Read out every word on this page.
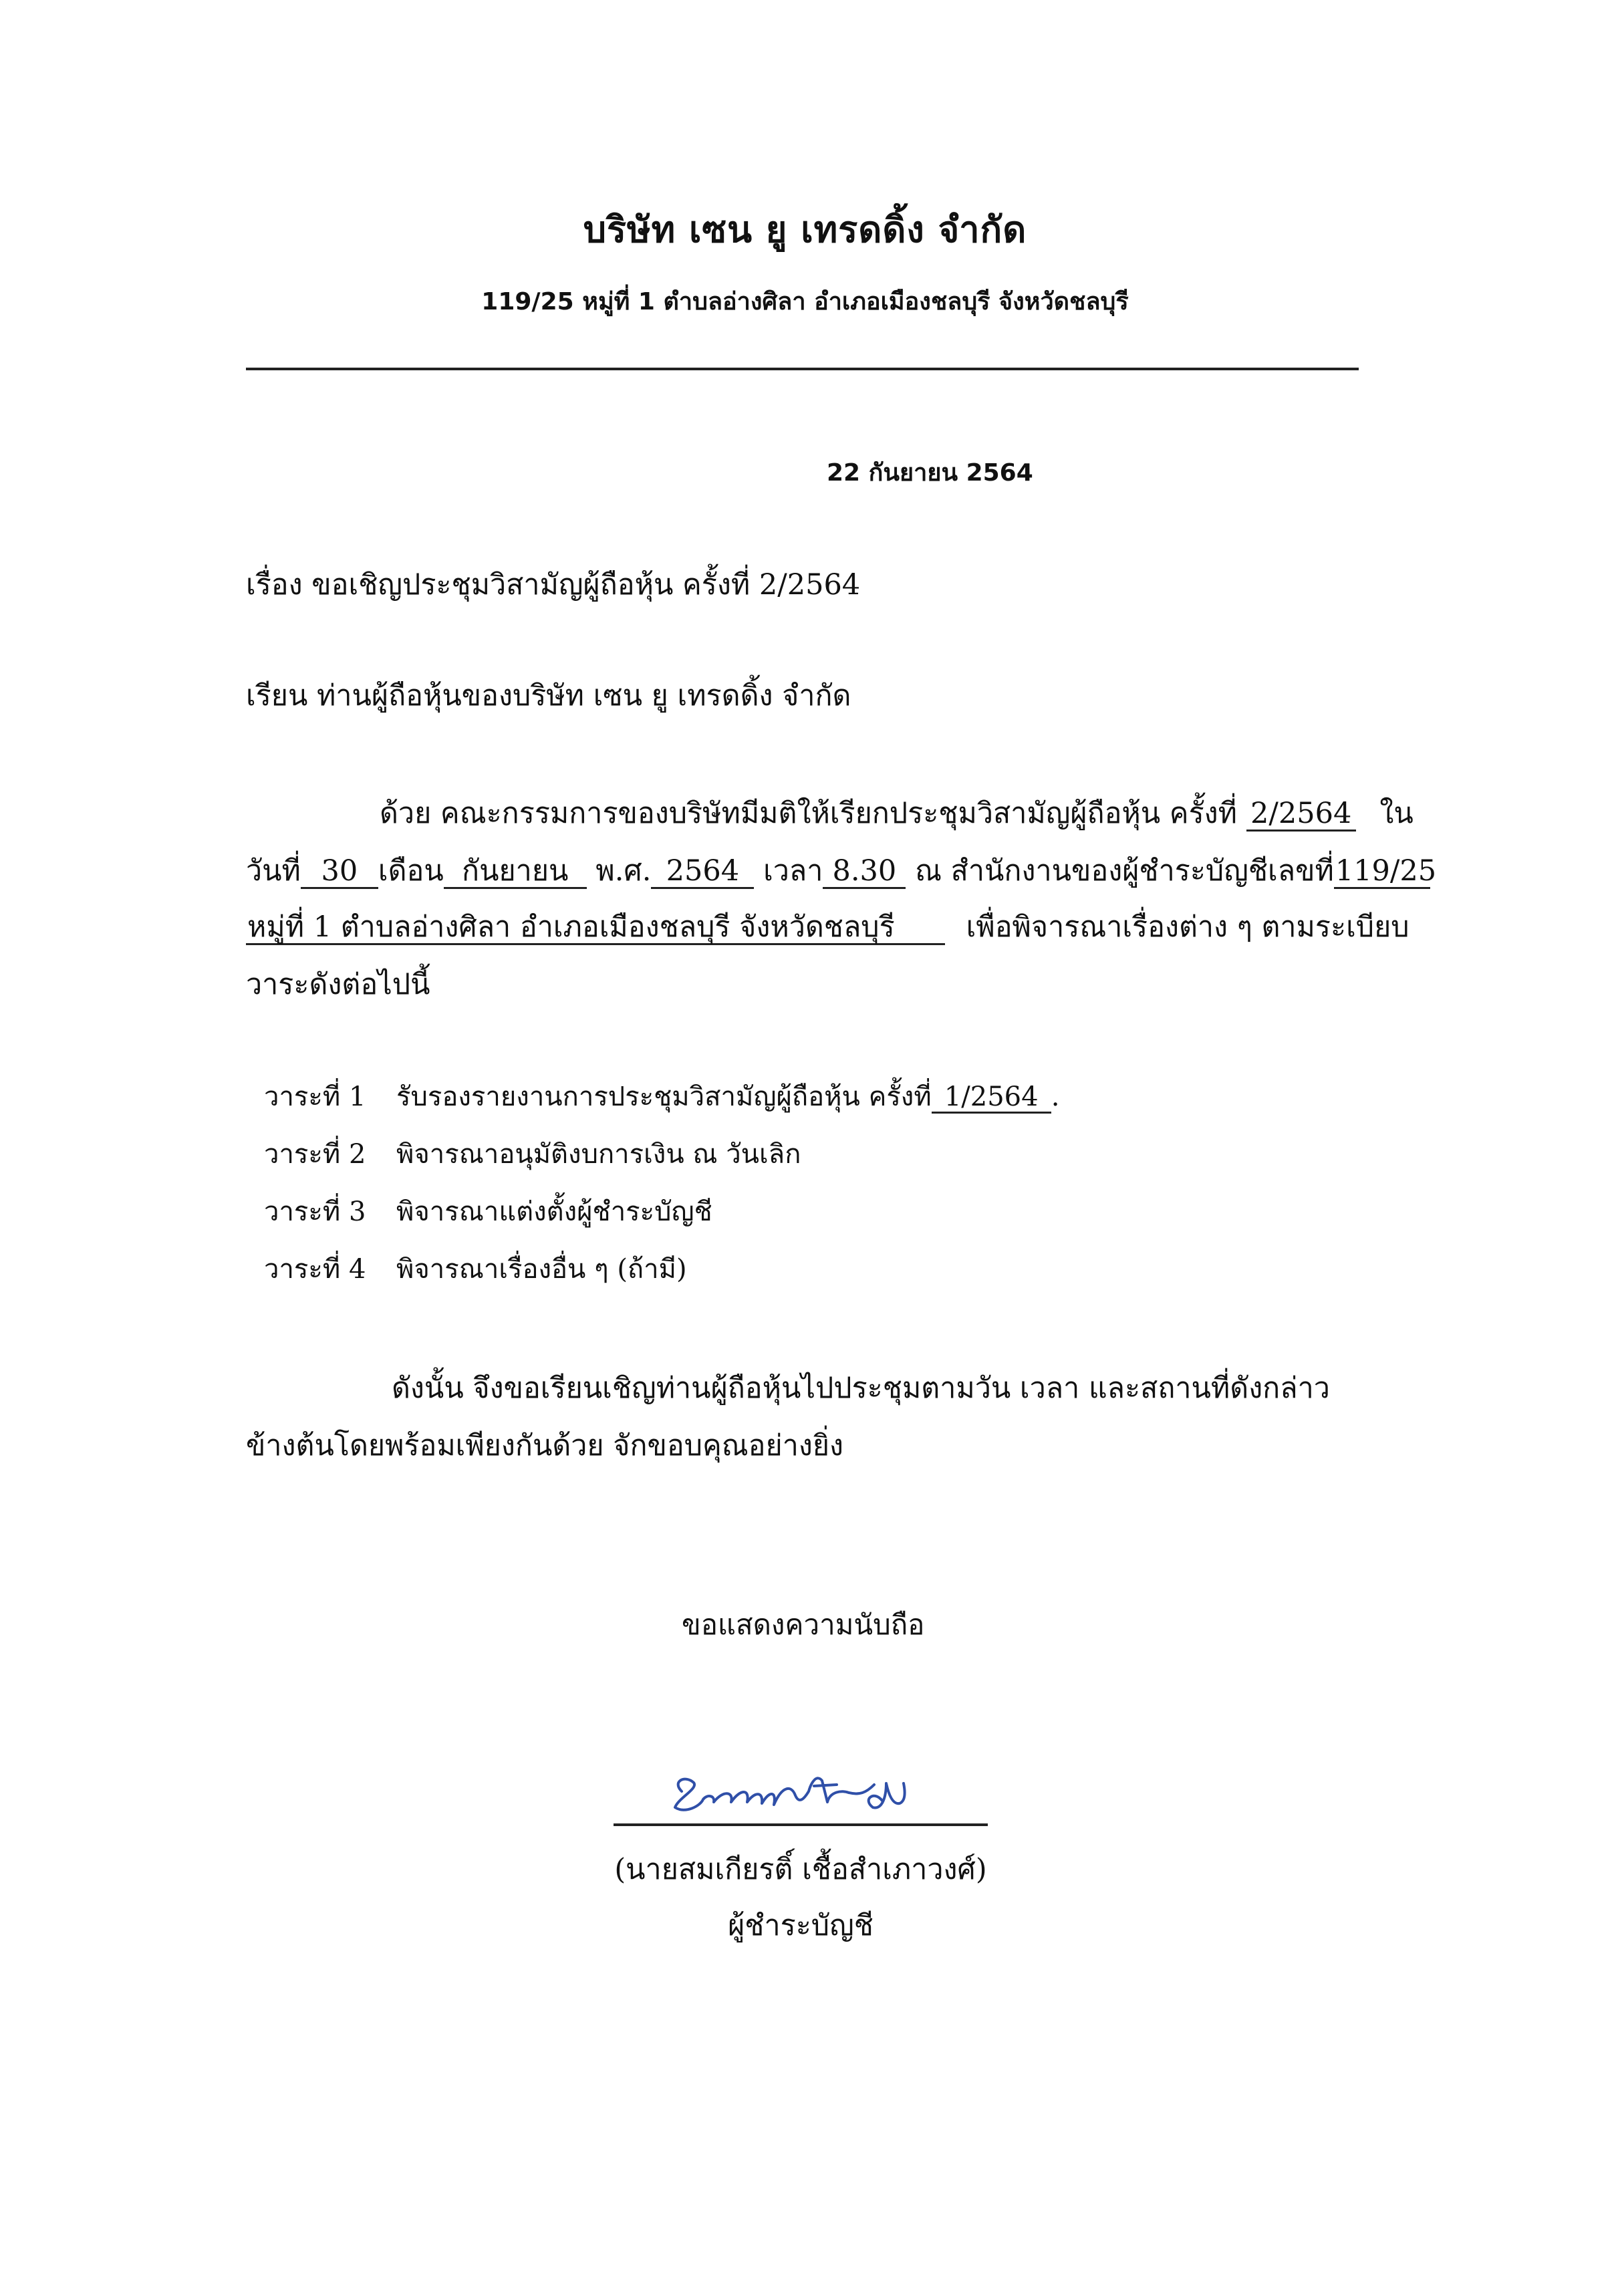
บริษัท เซน ยู เทรดดิ้ง จำกัด
119/25 หมู่ที่ 1 ตำบลอ่างศิลา อำเภอเมืองชลบุรี จังหวัดชลบุรี
22 กันยายน 2564
เรื่อง ขอเชิญประชุมวิสามัญผู้ถือหุ้น ครั้งที่ 2/2564
เรียน ท่านผู้ถือหุ้นของบริษัท เซน ยู เทรดดิ้ง จำกัด
ด้วย คณะกรรมการของบริษัทมีมติให้เรียกประชุมวิสามัญผู้ถือหุ้น ครั้งที่ 2/2564 ใน
วันที่ 30 เดือน กันยายน พ.ศ. 2564 เวลา 8.30 ณ สำนักงานของผู้ชำระบัญชีเลขที่119/25
หมู่ที่ 1 ตำบลอ่างศิลา อำเภอเมืองชลบุรี จังหวัดชลบุรี เพื่อพิจารณาเรื่องต่าง ๆ ตามระเบียบ
วาระดังต่อไปนี้
วาระที่ 1 รับรองรายงานการประชุมวิสามัญผู้ถือหุ้น ครั้งที่ 1/2564 .
วาระที่ 2 พิจารณาอนุมัติงบการเงิน ณ วันเลิก
วาระที่ 3 พิจารณาแต่งตั้งผู้ชำระบัญชี
วาระที่ 4 พิจารณาเรื่องอื่น ๆ (ถ้ามี)
ดังนั้น จึงขอเรียนเชิญท่านผู้ถือหุ้นไปประชุมตามวัน เวลา และสถานที่ดังกล่าว
ข้างต้นโดยพร้อมเพียงกันด้วย จักขอบคุณอย่างยิ่ง
ขอแสดงความนับถือ
(นายสมเกียรติ์ เชื้อสำเภาวงศ์)
ผู้ชำระบัญชี
